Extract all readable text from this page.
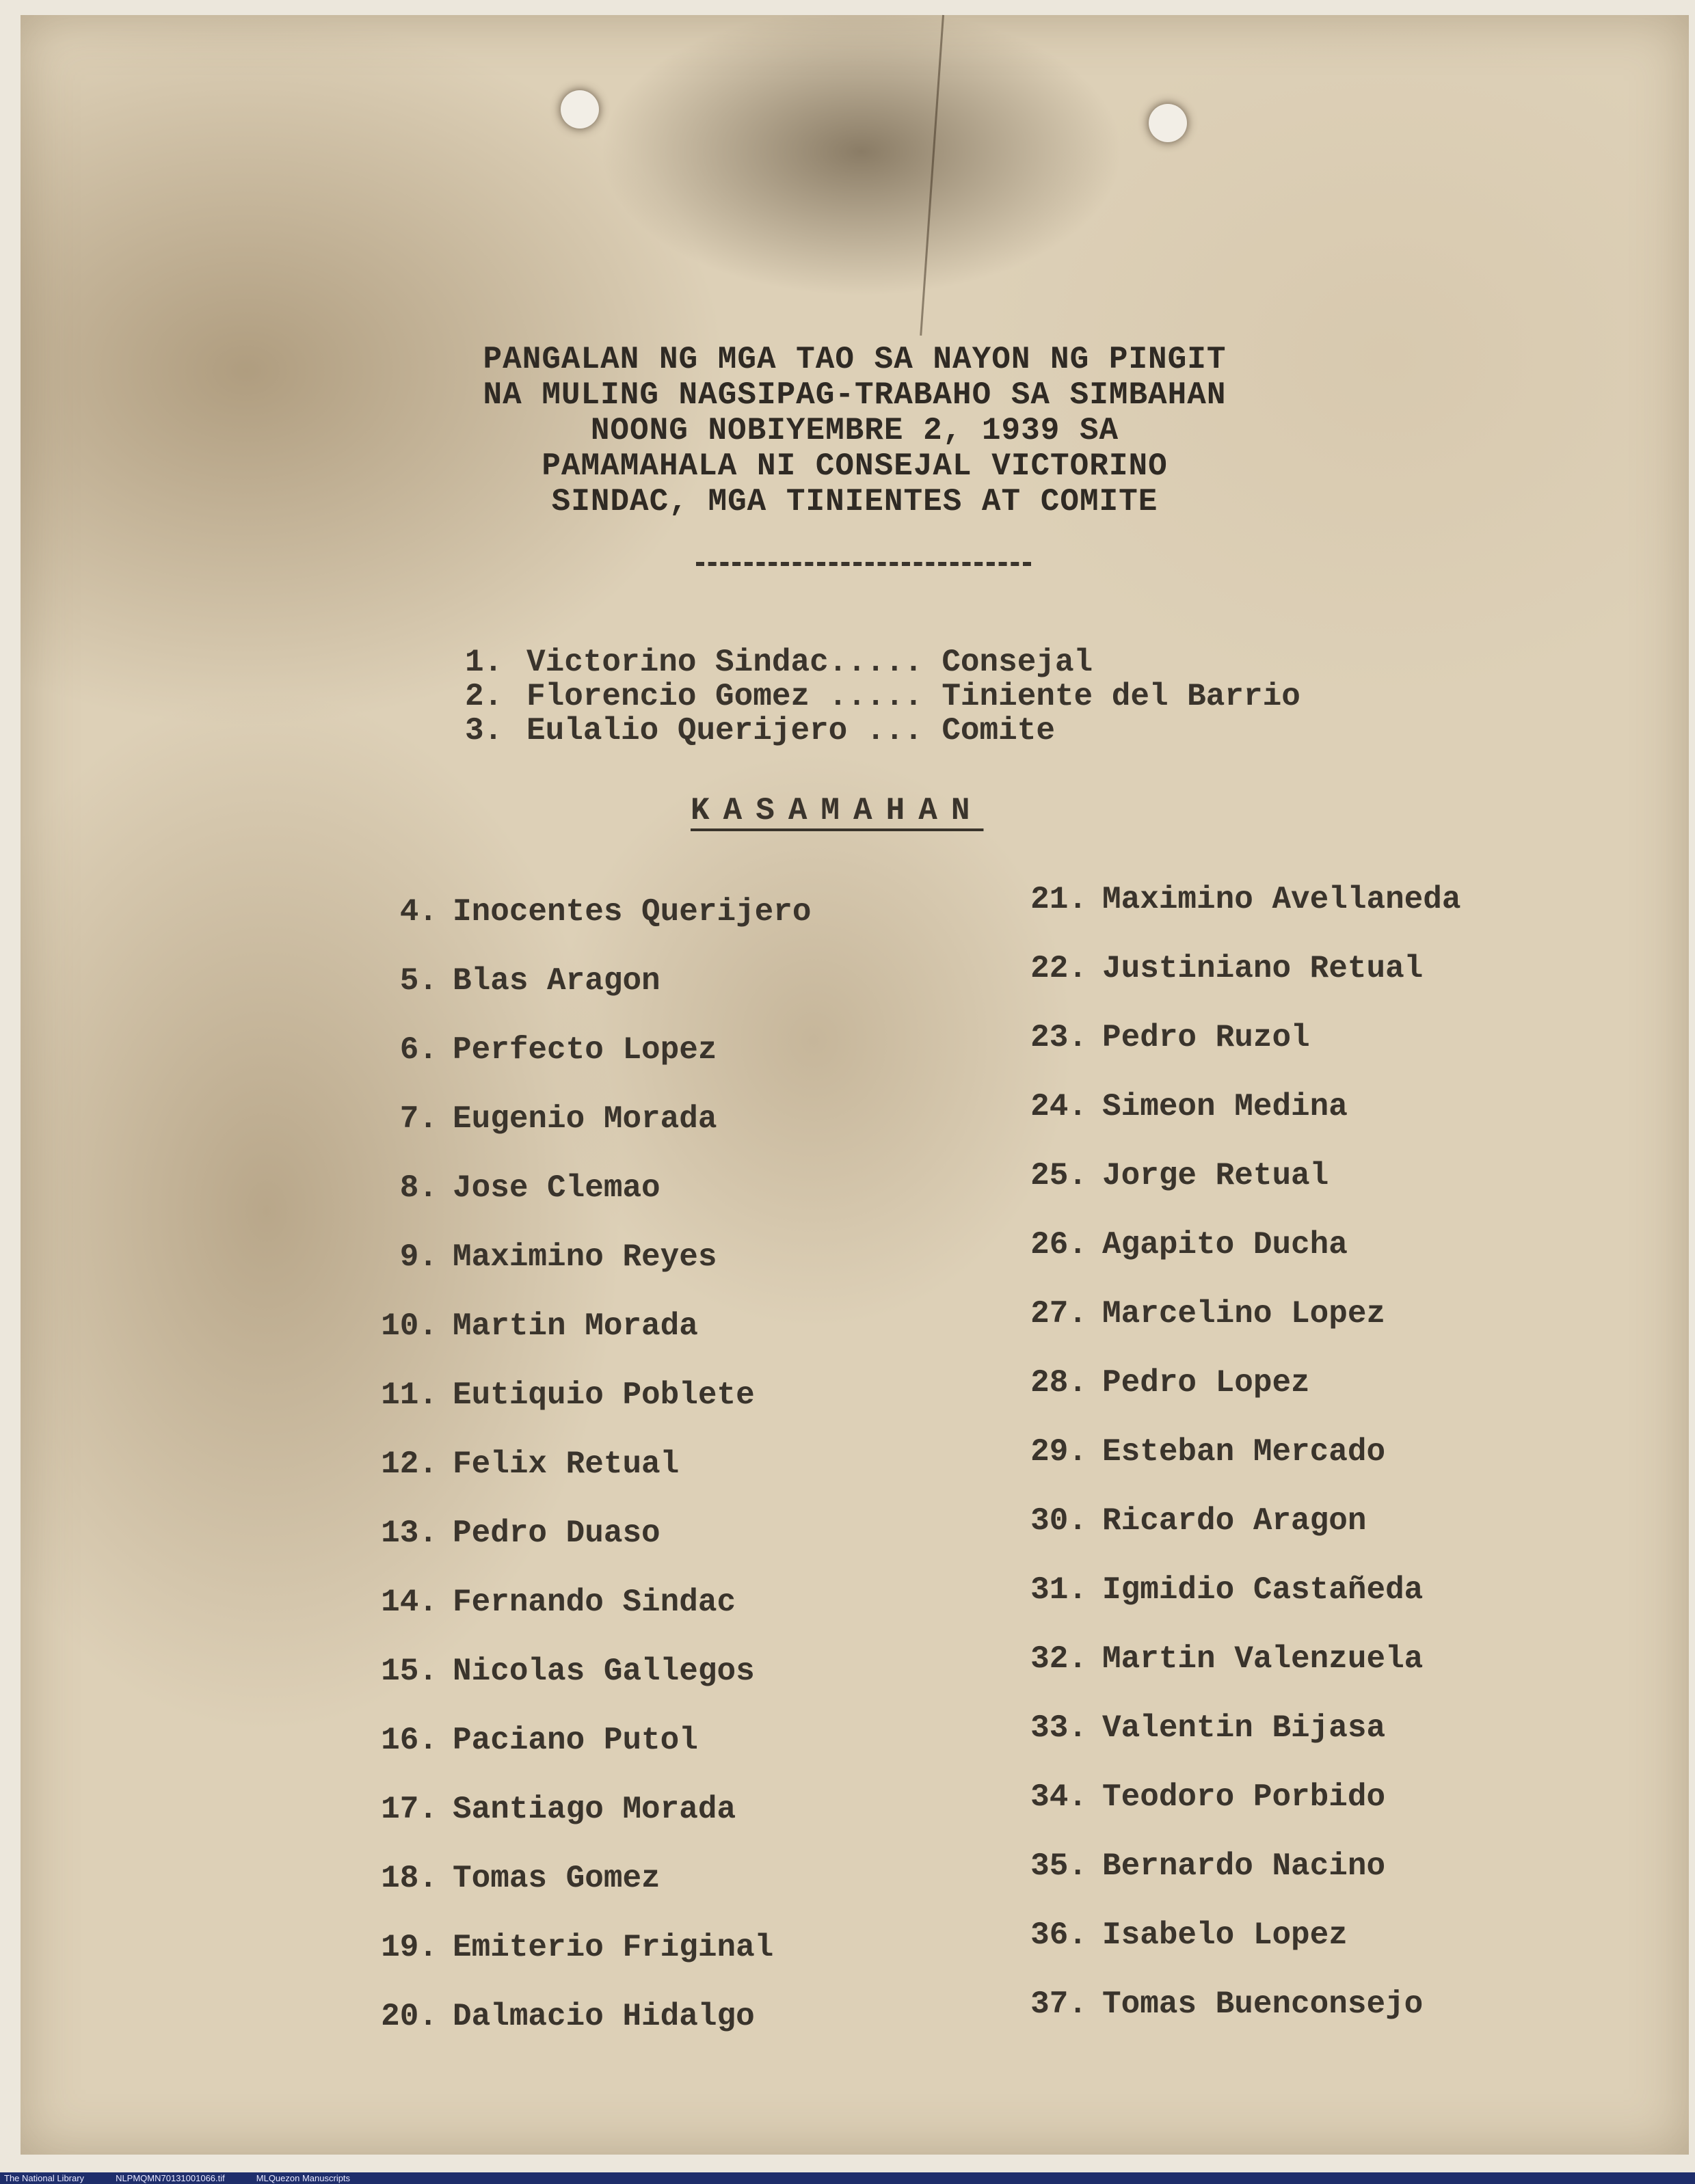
PANGALAN NG MGA TAO SA NAYON NG PINGIT
NA MULING NAGSIPAG-TRABAHO SA SIMBAHAN
NOONG NOBIYEMBRE 2, 1939 SA
PAMAMAHALA NI CONSEJAL VICTORINO
SINDAC, MGA TINIENTES AT COMITE
1. Victorino Sindac..... Consejal
2. Florencio Gomez ..... Tiniente del Barrio
3. Eulalio Querijero ... Comite
KASAMAHAN
4. Inocentes Querijero
5. Blas Aragon
6. Perfecto Lopez
7. Eugenio Morada
8. Jose Clemao
9. Maximino Reyes
10. Martin Morada
11. Eutiquio Poblete
12. Felix Retual
13. Pedro Duaso
14. Fernando Sindac
15. Nicolas Gallegos
16. Paciano Putol
17. Santiago Morada
18. Tomas Gomez
19. Emiterio Friginal
20. Dalmacio Hidalgo
21. Maximino Avellaneda
22. Justiniano Retual
23. Pedro Ruzol
24. Simeon Medina
25. Jorge Retual
26. Agapito Ducha
27. Marcelino Lopez
28. Pedro Lopez
29. Esteban Mercado
30. Ricardo Aragon
31. Igmidio Castañeda
32. Martin Valenzuela
33. Valentin Bijasa
34. Teodoro Porbido
35. Bernardo Nacino
36. Isabelo Lopez
37. Tomas Buenconsejo
The National Library	NLPMQMN70131001066.tif	MLQuezon Manuscripts
